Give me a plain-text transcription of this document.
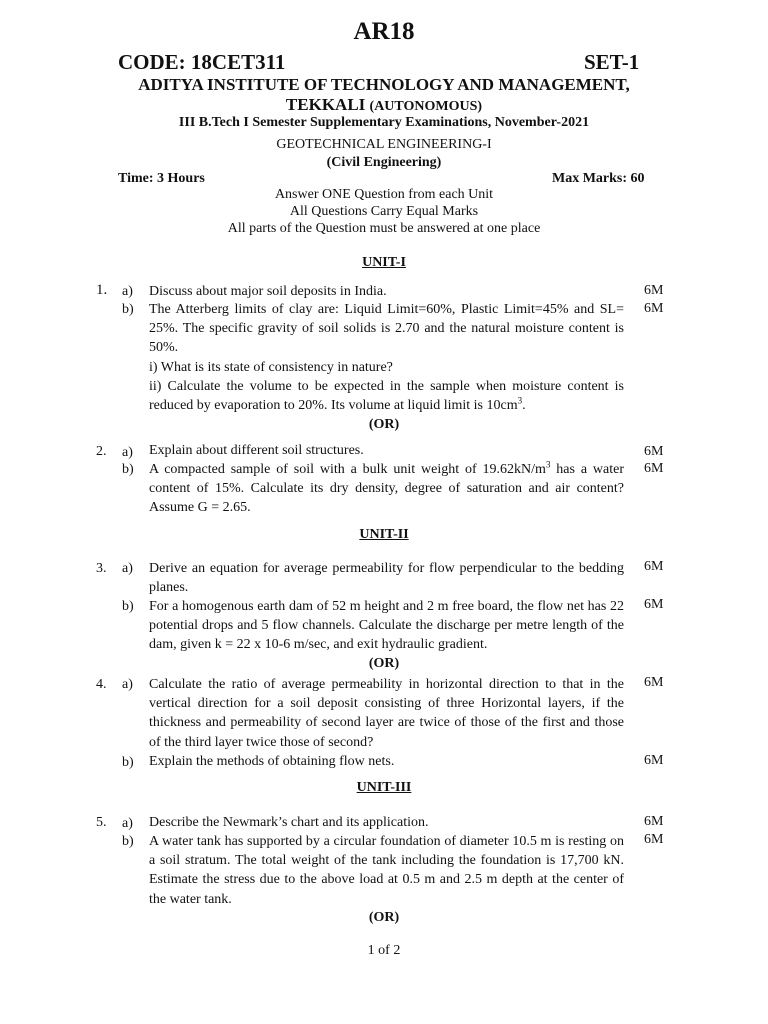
AR18
CODE: 18CET311	SET-1
ADITYA INSTITUTE OF TECHNOLOGY AND MANAGEMENT,
TEKKALI (AUTONOMOUS)
III B.Tech I Semester Supplementary Examinations, November-2021
GEOTECHNICAL ENGINEERING-I
(Civil Engineering)
Time: 3 Hours	Max Marks: 60
Answer ONE Question from each Unit
All Questions Carry Equal Marks
All parts of the Question must be answered at one place
UNIT-I
1. a) Discuss about major soil deposits in India.	6M
b) The Atterberg limits of clay are: Liquid Limit=60%, Plastic Limit=45% and SL= 25%. The specific gravity of soil solids is 2.70 and the natural moisture content is 50%.
i) What is its state of consistency in nature?
ii) Calculate the volume to be expected in the sample when moisture content is reduced by evaporation to 20%. Its volume at liquid limit is $10cm^3$.
6M
(OR)
2. a) Explain about different soil structures.	6M
b) A compacted sample of soil with a bulk unit weight of $19.62kN/m^3$ has a water content of 15%. Calculate its dry density, degree of saturation and air content? Assume G = 2.65.
6M
UNIT-II
3. a) Derive an equation for average permeability for flow perpendicular to the bedding planes.
6M
b) For a homogenous earth dam of 52 m height and 2 m free board, the flow net has 22 potential drops and 5 flow channels. Calculate the discharge per metre length of the dam, given k = 22 x 10-6 m/sec, and exit hydraulic gradient.
6M
(OR)
4. a) Calculate the ratio of average permeability in horizontal direction to that in the vertical direction for a soil deposit consisting of three Horizontal layers, if the thickness and permeability of second layer are twice of those of the first and those of the third layer twice those of second?
6M
b) Explain the methods of obtaining flow nets.	6M
UNIT-III
5. a) Describe the Newmark’s chart and its application.	6M
b) A water tank has supported by a circular foundation of diameter 10.5 m is resting on a soil stratum. The total weight of the tank including the foundation is 17,700 kN. Estimate the stress due to the above load at 0.5 m and 2.5 m depth at the center of the water tank.
6M
(OR)
1 of 2
